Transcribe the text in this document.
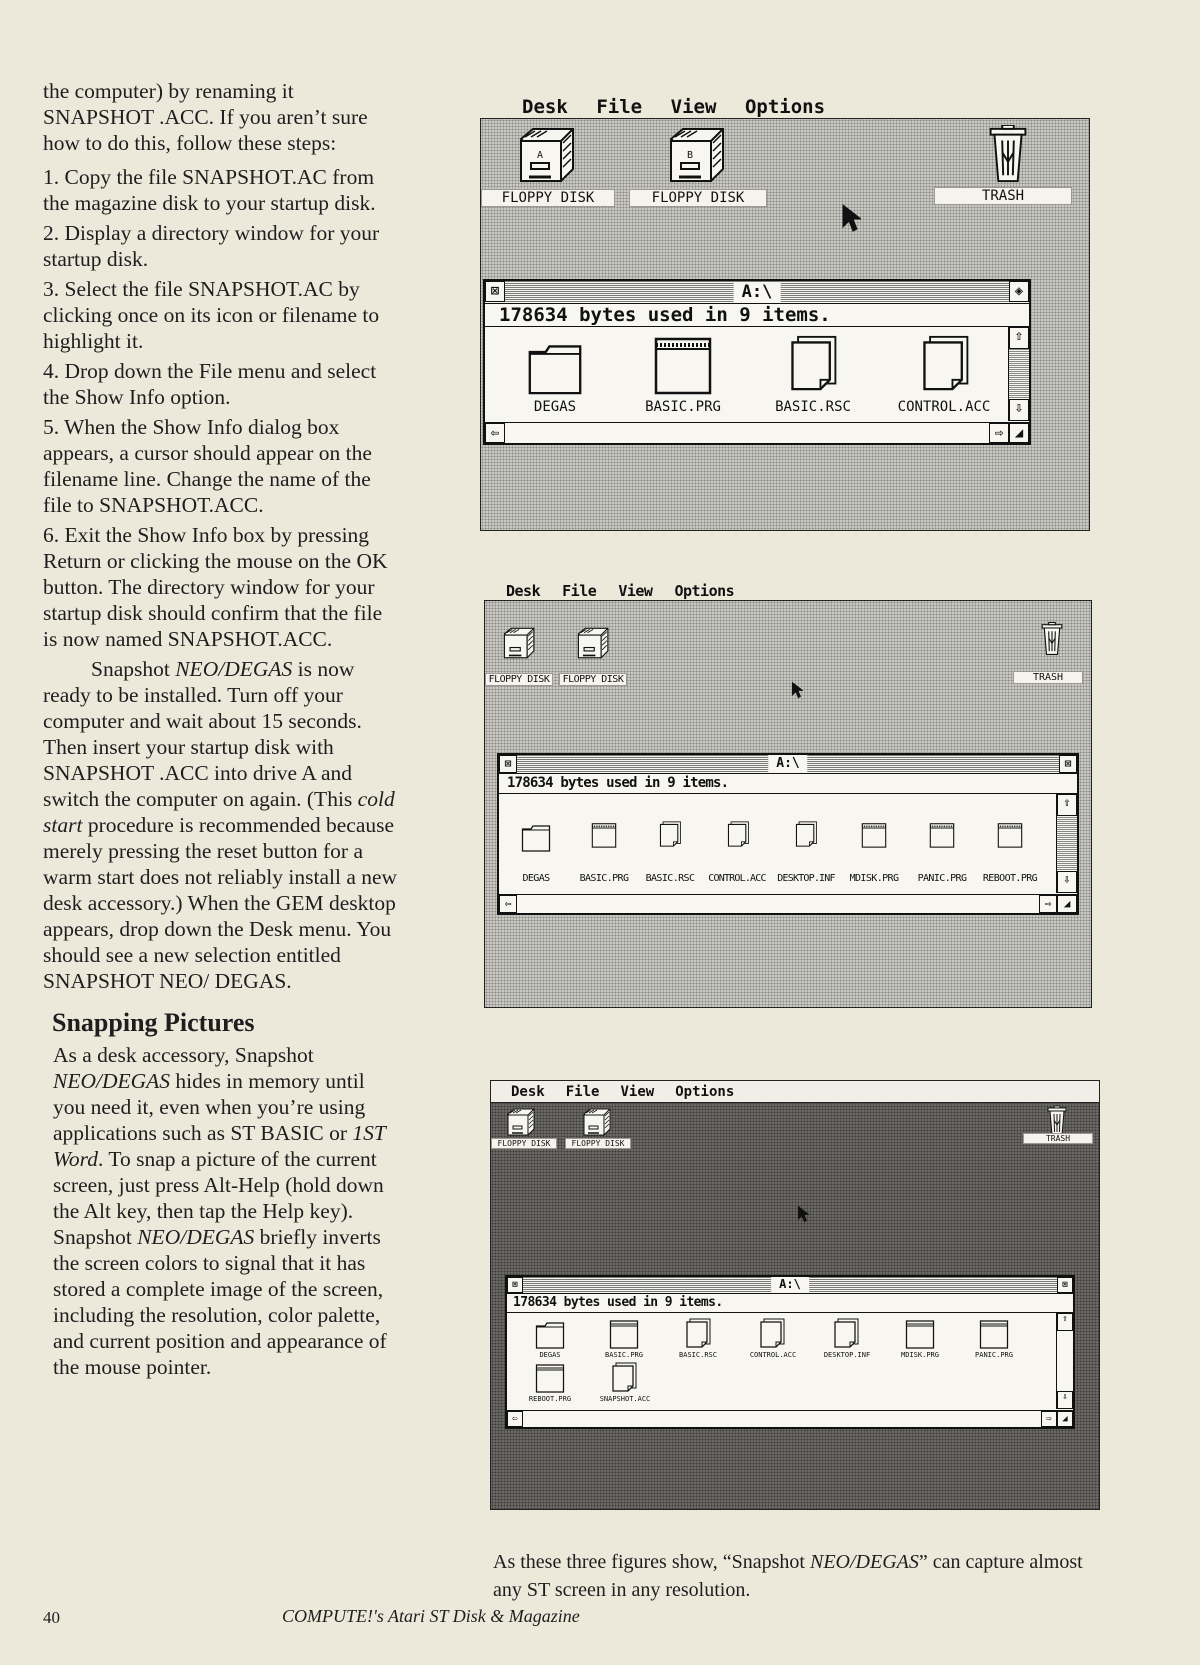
the computer) by renaming it SNAPSHOT .ACC. If you aren’t sure how to do this, follow these steps:

1. Copy the file SNAPSHOT.AC from the magazine disk to your startup disk.

2. Display a directory window for your startup disk.

3. Select the file SNAPSHOT.AC by clicking once on its icon or filename to highlight it.

4. Drop down the File menu and select the Show Info option.

5. When the Show Info dialog box appears, a cursor should appear on the filename line. Change the name of the file to SNAPSHOT.ACC.

6. Exit the Show Info box by pressing Return or clicking the mouse on the OK button. The directory window for your startup disk should confirm that the file is now named SNAPSHOT.ACC.

Snapshot NEO/DEGAS is now ready to be installed. Turn off your computer and wait about 15 seconds. Then insert your startup disk with SNAPSHOT .ACC into drive A and switch the computer on again. (This cold start procedure is recommended because merely pressing the reset button for a warm start does not reliably install a new desk accessory.) When the GEM desktop appears, drop down the Desk menu. You should see a new selection entitled SNAPSHOT NEO/ DEGAS.

Snapping Pictures

As a desk accessory, Snapshot NEO/DEGAS hides in memory until you need it, even when you’re using applications such as ST BASIC or 1ST Word. To snap a picture of the current screen, just press Alt-Help (hold down the Alt key, then tap the Help key). Snapshot NEO/DEGAS briefly inverts the screen colors to signal that it has stored a complete image of the screen, including the resolution, color palette, and current position and appearance of the mouse pointer.

40	COMPUTE!'s Atari ST Disk & Magazine
As these three figures show, “Snapshot NEO/DEGAS” can capture almost any ST screen in any resolution.
Desk File View Options
A
FLOPPY DISK
B
FLOPPY DISK	TRASH
⊠	A:\	◈
178634 bytes used in 9 items.
⇧
⇩
DEGAS	BASIC.PRG	BASIC.RSC	CONTROL.ACC
⇦	⇨ ◢
Desk File View Options
FLOPPY DISK	FLOPPY DISK	TRASH
⊠	A:\	⊠
178634 bytes used in 9 items.
⇧
⇩
DEGAS	BASIC.PRG	BASIC.RSC	CONTROL.ACC	DESKTOP.INF	MDISK.PRG	PANIC.PRG	REBOOT.PRG
⇦	⇨	◢
Desk File View Options
FLOPPY DISK	FLOPPY DISK
TRASH
⊠	A:\	⊠
178634 bytes used in 9 items.
⇧
⇩
DEGAS	BASIC.PRG	BASIC.RSC	CONTROL.ACC	DESKTOP.INF	MDISK.PRG	PANIC.PRG
REBOOT.PRG	SNAPSHOT.ACC
⇦	⇨	◢
